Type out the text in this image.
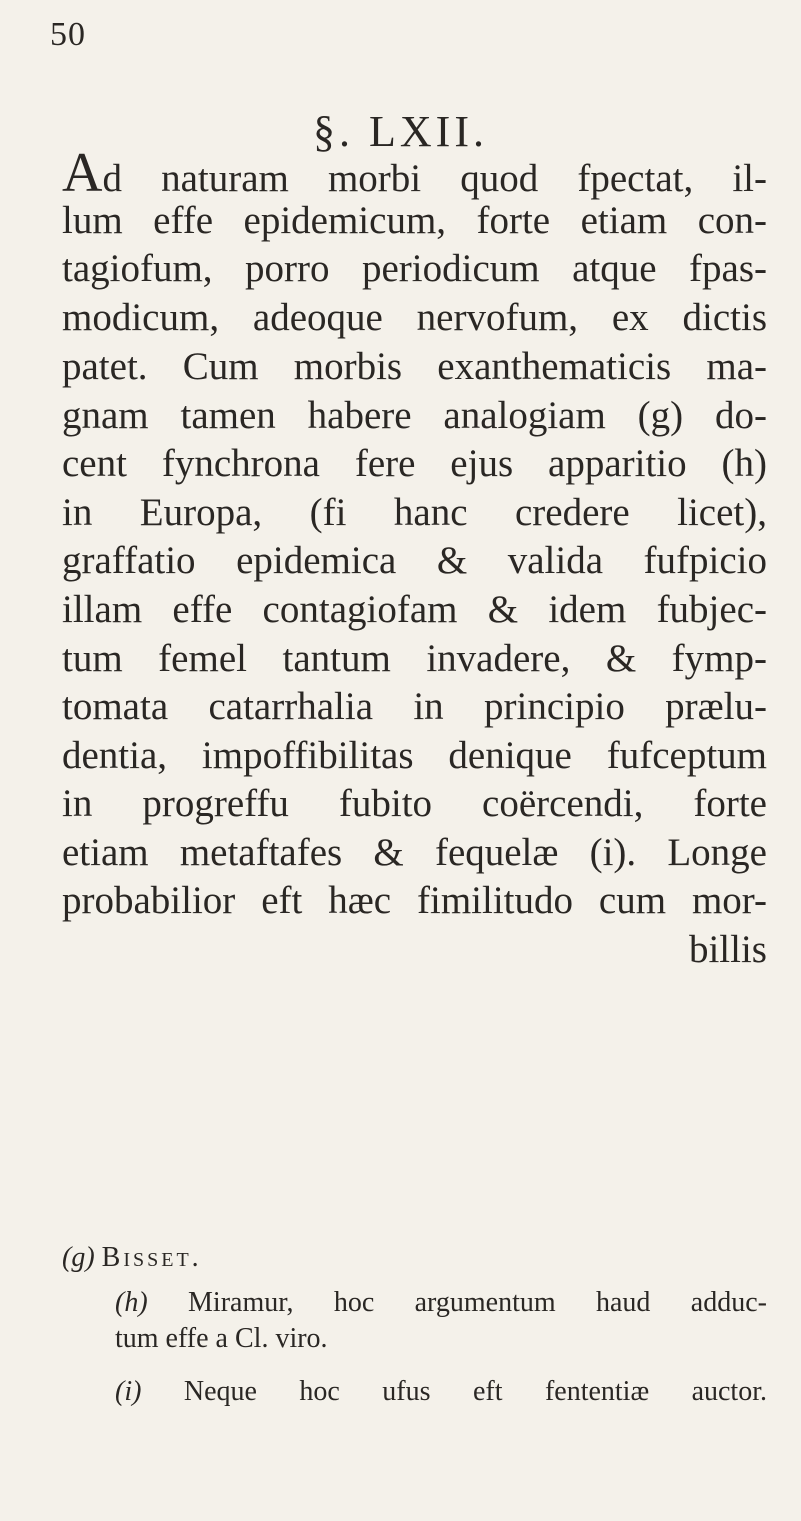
50
§. LXII.
Ad naturam morbi quod fpectat, il-
lum effe epidemicum, forte etiam con-
tagiofum, porro periodicum atque fpas-
modicum, adeoque nervofum, ex dictis
patet. Cum morbis exanthematicis ma-
gnam tamen habere analogiam (g) do-
cent fynchrona fere ejus apparitio (h)
in Europa, (fi hanc credere licet),
graffatio epidemica & valida fufpicio
illam effe contagiofam & idem fubjec-
tum femel tantum invadere, & fymp-
tomata catarrhalia in principio prælu-
dentia, impoffibilitas denique fufceptum
in progreffu fubito coërcendi, forte
etiam metaftafes & fequelæ (i). Longe
probabilior eft hæc fimilitudo cum mor-
billis
(g) Bisset.
(h) Miramur, hoc argumentum haud adduc-
tum effe a Cl. viro.
(i) Neque hoc ufus eft fententiæ auctor.
